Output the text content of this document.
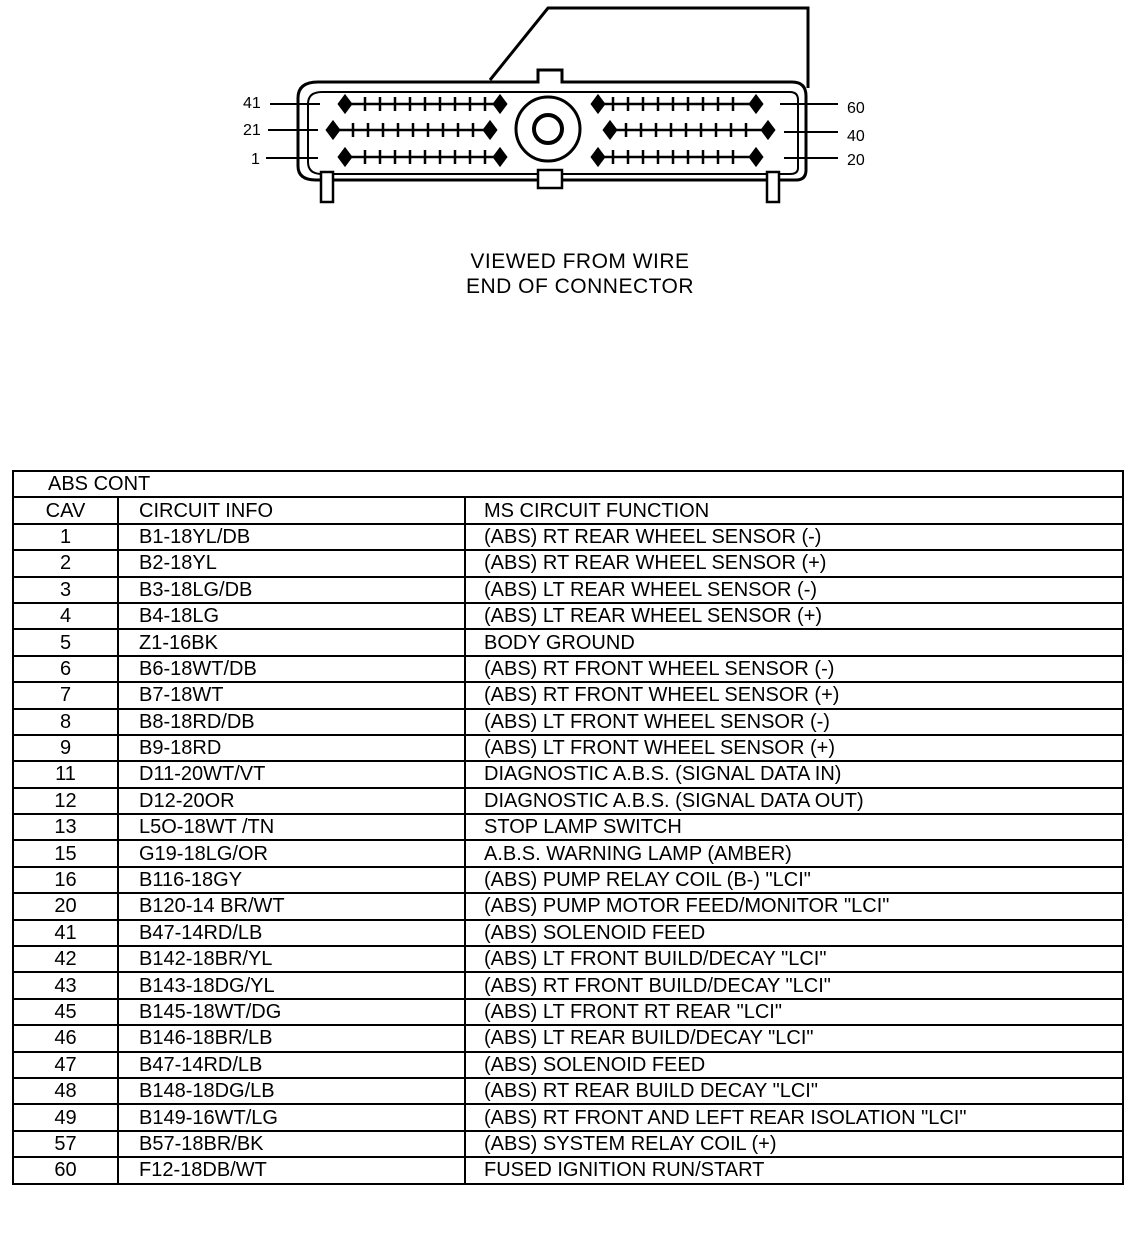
41
21
1
60
40
20
VIEWED FROM WIRE
END OF CONNECTOR
ABS CONT		
CAV	CIRCUIT INFO	MS CIRCUIT FUNCTION
1	B1-18YL/DB	(ABS) RT REAR WHEEL SENSOR (-)
2	B2-18YL	(ABS) RT REAR WHEEL SENSOR (+)
3	B3-18LG/DB	(ABS) LT REAR WHEEL SENSOR (-)
4	B4-18LG	(ABS) LT REAR WHEEL SENSOR (+)
5	Z1-16BK	BODY GROUND
6	B6-18WT/DB	(ABS) RT FRONT WHEEL SENSOR (-)
7	B7-18WT	(ABS) RT FRONT WHEEL SENSOR (+)
8	B8-18RD/DB	(ABS) LT FRONT WHEEL SENSOR (-)
9	B9-18RD	(ABS) LT FRONT WHEEL SENSOR (+)
11	D11-20WT/VT	DIAGNOSTIC A.B.S. (SIGNAL DATA IN)
12	D12-20OR	DIAGNOSTIC A.B.S. (SIGNAL DATA OUT)
13	L5O-18WT /TN	STOP LAMP SWITCH
15	G19-18LG/OR	A.B.S. WARNING LAMP (AMBER)
16	B116-18GY	(ABS) PUMP RELAY COIL (B-) "LCI"
20	B120-14 BR/WT	(ABS) PUMP MOTOR FEED/MONITOR "LCI"
41	B47-14RD/LB	(ABS) SOLENOID FEED
42	B142-18BR/YL	(ABS) LT FRONT BUILD/DECAY "LCI"
43	B143-18DG/YL	(ABS) RT FRONT BUILD/DECAY "LCI"
45	B145-18WT/DG	(ABS) LT FRONT RT REAR "LCI"
46	B146-18BR/LB	(ABS) LT REAR BUILD/DECAY "LCI"
47	B47-14RD/LB	(ABS) SOLENOID FEED
48	B148-18DG/LB	(ABS) RT REAR BUILD DECAY "LCI"
49	B149-16WT/LG	(ABS) RT FRONT AND LEFT REAR ISOLATION "LCI"
57	B57-18BR/BK	(ABS) SYSTEM RELAY COIL (+)
60	F12-18DB/WT	FUSED IGNITION RUN/START
